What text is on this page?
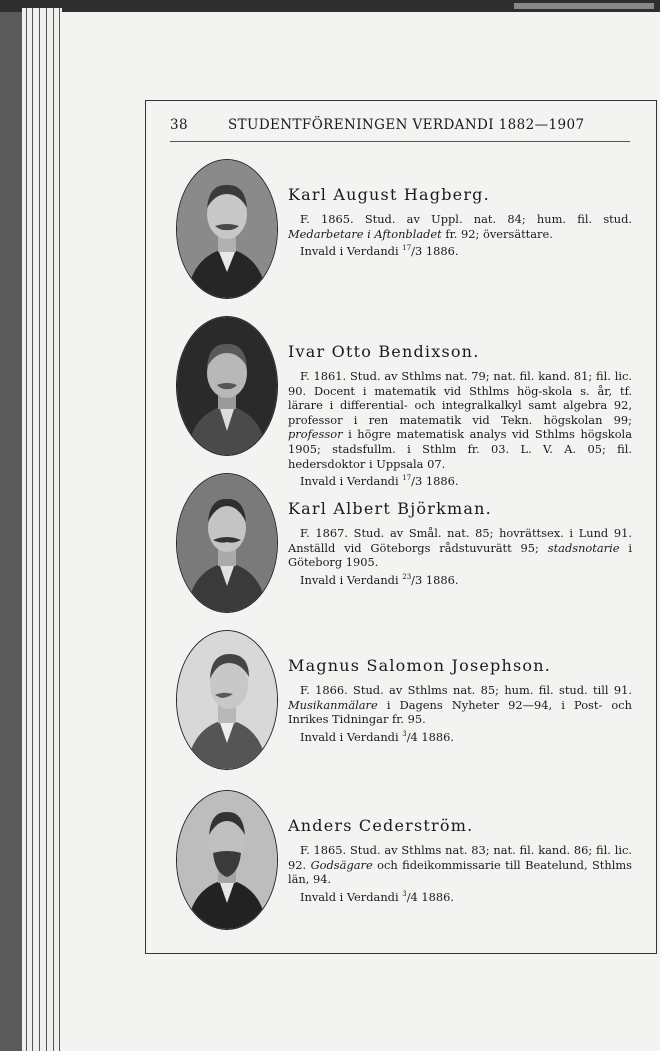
38	STUDENTFÖRENINGEN VERDANDI 1882—1907
Karl August Hagberg.
F. 1865. Stud. av Uppl. nat. 84; hum. fil. stud. Medarbetare i Aftonbladet fr. 92; översättare.
Invald i Verdandi $^{17}$/3 1886.
Ivar Otto Bendixson.
F. 1861. Stud. av Sthlms nat. 79; nat. fil. kand. 81; fil. lic. 90. Docent i matematik vid Sthlms hög-skola s. år, tf. lärare i differential- och integralkalkyl samt algebra 92, professor i ren matematik vid Tekn. högskolan 99; professor i högre matematisk analys vid Sthlms högskola 1905; stadsfullm. i Sthlm fr. 03. L. V. A. 05; fil. hedersdoktor i Uppsala 07.
Invald i Verdandi $^{17}$/3 1886.
Karl Albert Björkman.
F. 1867. Stud. av Smål. nat. 85; hovrättsex. i Lund 91. Anställd vid Göteborgs rådstuvurätt 95; stadsnotarie i Göteborg 1905.
Invald i Verdandi $^{23}$/3 1886.
Magnus Salomon Josephson.
F. 1866. Stud. av Sthlms nat. 85; hum. fil. stud. till 91. Musikanmälare i Dagens Nyheter 92—94, i Post- och Inrikes Tidningar fr. 95.
Invald i Verdandi $^3$/4 1886.
Anders Cederström.
F. 1865. Stud. av Sthlms nat. 83; nat. fil. kand. 86; fil. lic. 92. Godsägare och fideikommissarie till Beatelund, Sthlms län, 94.
Invald i Verdandi $^3$/4 1886.
